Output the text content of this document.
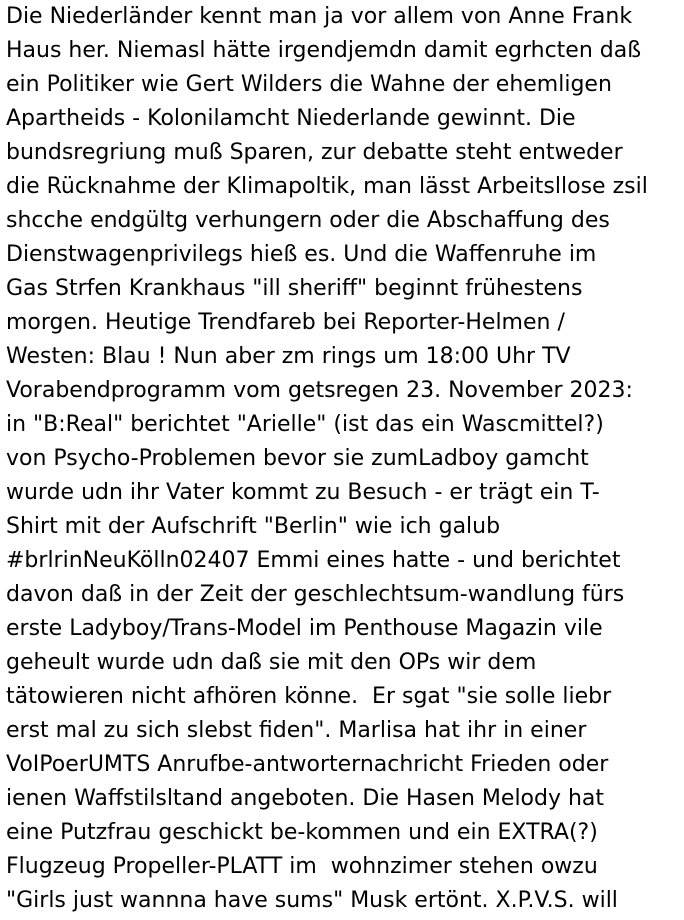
Die Niederländer kennt man ja vor allem von Anne Frank
Haus her. Niemasl hätte irgendjemdn damit egrhcten daß
ein Politiker wie Gert Wilders die Wahne der ehemligen
Apartheids - Kolonilamcht Niederlande gewinnt. Die
bundsregriung muß Sparen, zur debatte steht entweder
die Rücknahme der Klimapoltik, man lässt Arbeitsllose zsil
shcche endgültg verhungern oder die Abschaffung des
Dienstwagenprivilegs hieß es. Und die Waffenruhe im
Gas Strfen Krankhaus "ill sheriff" beginnt frühestens
morgen. Heutige Trendfareb bei Reporter-Helmen /
Westen: Blau ! Nun aber zm rings um 18:00 Uhr TV
Vorabendprogramm vom getsregen 23. November 2023:
in "B:Real" berichtet "Arielle" (ist das ein Wascmittel?)
von Psycho-Problemen bevor sie zumLadboy gamcht
wurde udn ihr Vater kommt zu Besuch - er trägt ein T-
Shirt mit der Aufschrift "Berlin" wie ich galub
#brlrinNeuKölln02407 Emmi eines hatte - und berichtet
davon daß in der Zeit der geschlechtsum-wandlung fürs
erste Ladyboy/Trans-Model im Penthouse Magazin vile
geheult wurde udn daß sie mit den OPs wir dem
tätowieren nicht afhören könne.  Er sgat "sie solle liebr
erst mal zu sich slebst fiden". Marlisa hat ihr in einer
VoIPoerUMTS Anrufbe-antworternachricht Frieden oder
ienen Waffstilsltand angeboten. Die Hasen Melody hat
eine Putzfrau geschickt be-kommen und ein EXTRA(?)
Flugzeug Propeller-PLATT im  wohnzimer stehen owzu
"Girls just wannna have sums" Musk ertönt. X.P.V.S. will
